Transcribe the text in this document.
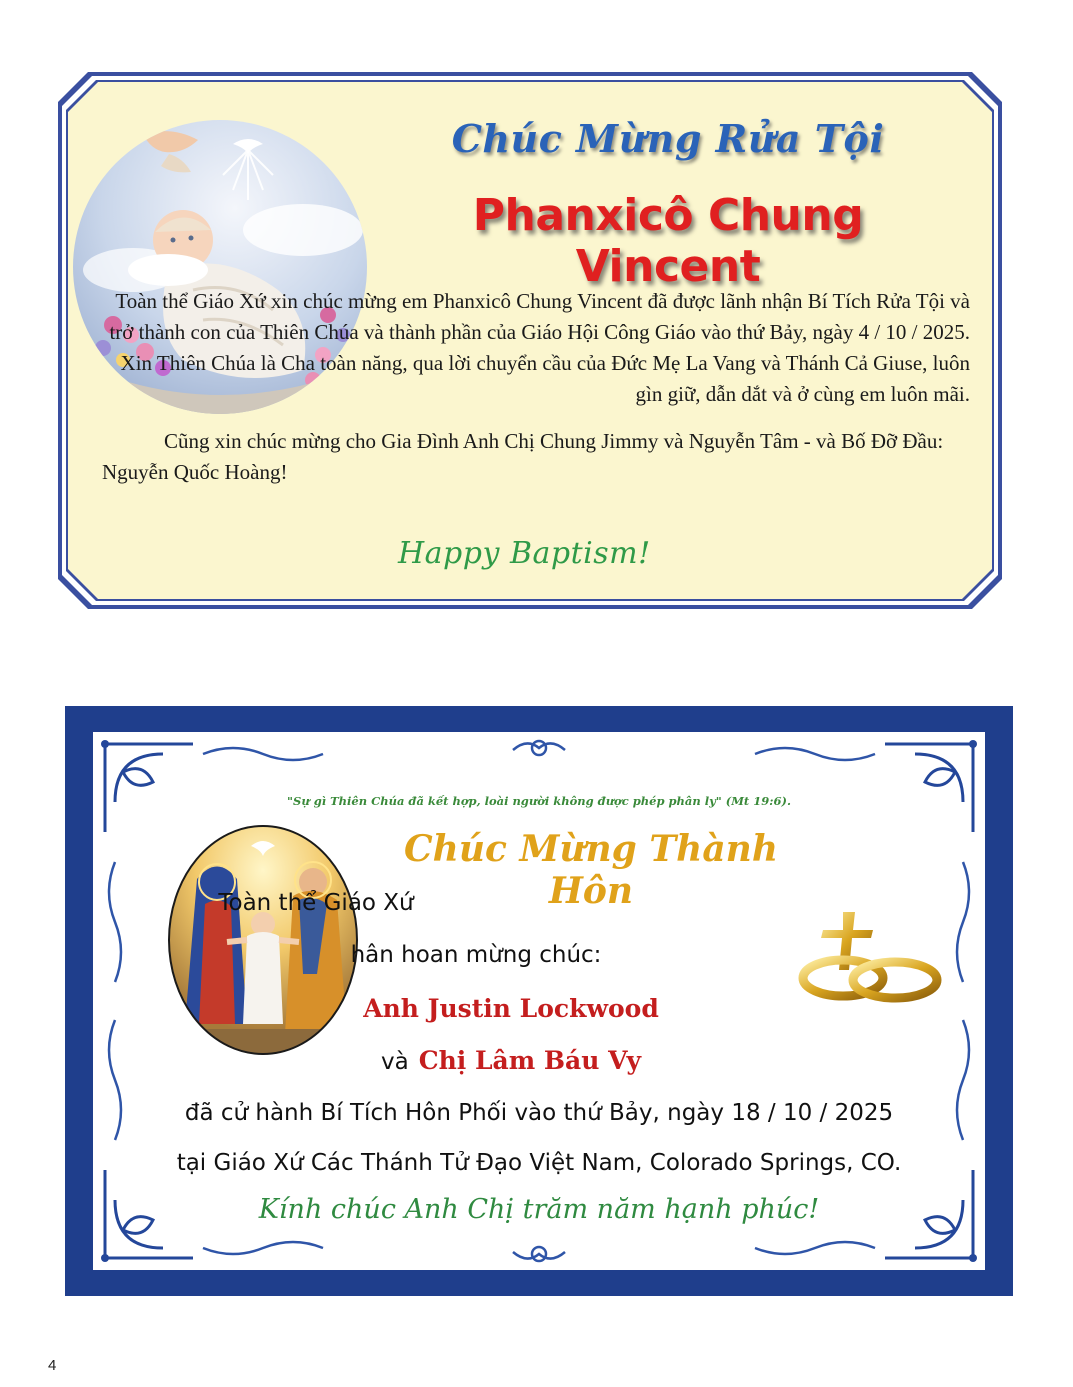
Chúc Mừng Rửa Tội
Phanxicô Chung Vincent

Toàn thể Giáo Xứ xin chúc mừng em Phanxicô Chung Vincent đã được lãnh nhận Bí Tích Rửa Tội và trở thành con của Thiên Chúa và thành phần của Giáo Hội Công Giáo vào thứ Bảy, ngày 4 / 10 / 2025. Xin Thiên Chúa là Cha toàn năng, qua lời chuyển cầu của Đức Mẹ La Vang và Thánh Cả Giuse, luôn gìn giữ, dẫn dắt và ở cùng em luôn mãi.

Cũng xin chúc mừng cho Gia Đình Anh Chị Chung Jimmy và Nguyễn Tâm - và Bố Đỡ Đầu: Nguyễn Quốc Hoàng!

Happy Baptism!
"Sự gì Thiên Chúa đã kết hợp, loài người không được phép phân ly" (Mt 19:6).
Chúc Mừng Thành Hôn
Toàn thể Giáo Xứ
hân hoan mừng chúc:
Anh Justin Lockwood
và Chị Lâm Báu Vy
đã cử hành Bí Tích Hôn Phối vào thứ Bảy, ngày 18 / 10 / 2025
tại Giáo Xứ Các Thánh Tử Đạo Việt Nam, Colorado Springs, CO.
Kính chúc Anh Chị trăm năm hạnh phúc!
4
